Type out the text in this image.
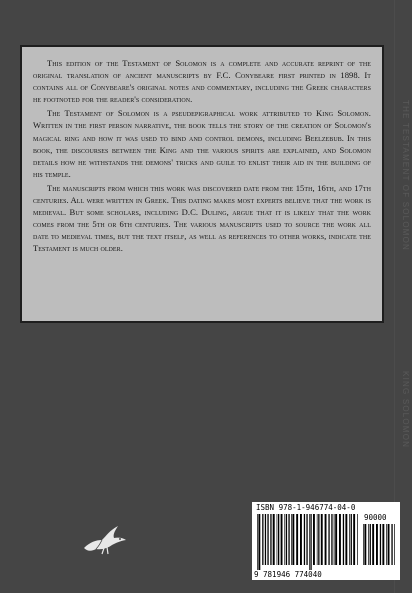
This edition of the Testament of Solomon is a complete and accurate reprint of the original translation of ancient manuscripts by F.C. Conybeare first printed in 1898. It contains all of Conybeare's original notes and commentary, including the Greek characters he footnoted for the reader's consideration.

The Testament of Solomon is a pseudepigraphical work attributed to King Solomon. Written in the first person narrative, the book tells the story of the creation of Solomon's magical ring and how it was used to bind and control demons, including Beelzebub. In this book, the discourses between the King and the various spirits are explained, and Solomon details how he withstands the demons' tricks and guile to enlist their aid in the building of his temple.

The manuscripts from which this work was discovered date from the 15th, 16th, and 17th centuries. All were written in Greek. This dating makes most experts believe that the work is medieval. But some scholars, including D.C. Duling, argue that it is likely that the work comes from the 5th or 6th centuries. The various manuscripts used to source the work all date to medieval times, but the text itself, as well as references to other works, indicate the Testament is much older.	THE TESTAMENT OF SOLOMONKING SOLOMON
ISBN 978-1-946774-04-0
90000
9 781946 774040
